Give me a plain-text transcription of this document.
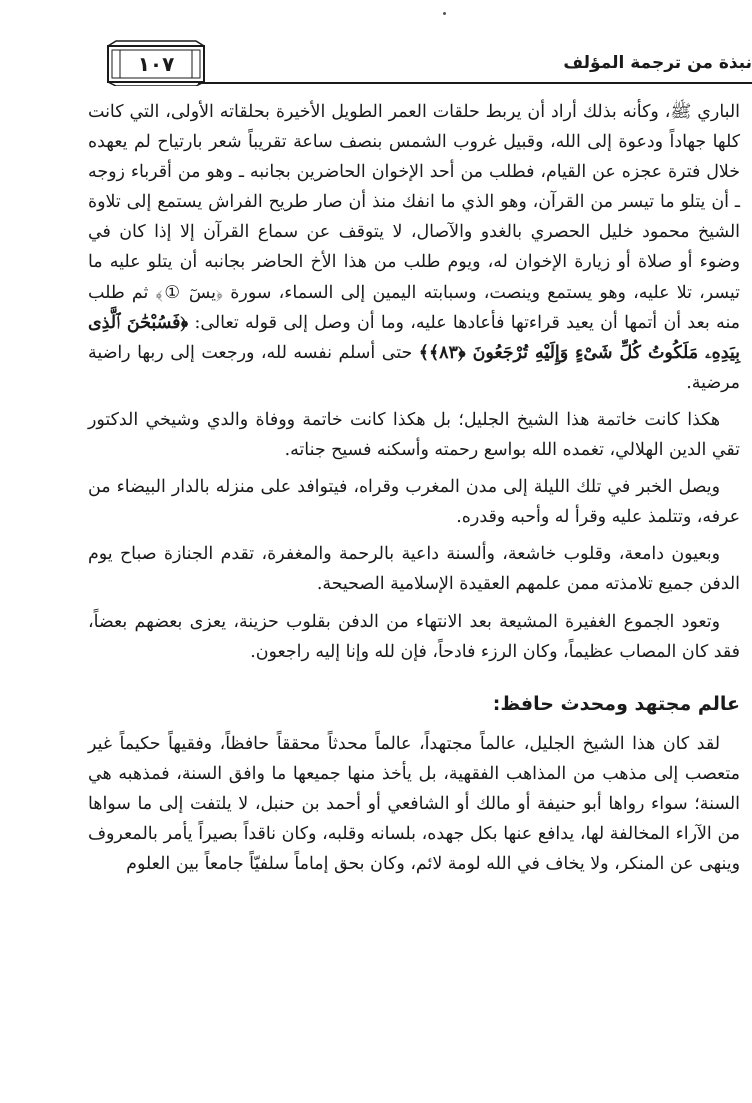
١٠٧	نبذة من ترجمة المؤلف

الباري ﷺ، وكأنه بذلك أراد أن يربط حلقات العمر الطويل الأخيرة بحلقاته الأولى، التي كانت كلها جهاداً ودعوة إلى الله، وقبيل غروب الشمس بنصف ساعة تقريباً شعر بارتياح لم يعهده خلال فترة عجزه عن القيام، فطلب من أحد الإخوان الحاضرين بجانبه ـ وهو من أقرباء زوجه ـ أن يتلو ما تيسر من القرآن، وهو الذي ما انفك منذ أن صار طريح الفراش يستمع إلى تلاوة الشيخ محمود خليل الحصري بالغدو والآصال، لا يتوقف عن سماع القرآن إلا إذا كان في وضوء أو صلاة أو زيارة الإخوان له، ويوم طلب من هذا الأخ الحاضر بجانبه أن يتلو عليه ما تيسر، تلا عليه، وهو يستمع وينصت، وسبابته اليمين إلى السماء، سورة ﴿يسٓ ①﴾ ثم طلب منه بعد أن أتمها أن يعيد قراءتها فأعادها عليه، وما أن وصل إلى قوله تعالى: ﴿فَسُبْحَٰنَ ٱلَّذِى بِيَدِهِۦ مَلَكُوتُ كُلِّ شَىْءٍ وَإِلَيْهِ تُرْجَعُونَ ﴿٨٣﴾﴾ حتى أسلم نفسه لله، ورجعت إلى ربها راضية مرضية.

هكذا كانت خاتمة هذا الشيخ الجليل؛ بل هكذا كانت خاتمة ووفاة والدي وشيخي الدكتور تقي الدين الهلالي، تغمده الله بواسع رحمته وأسكنه فسيح جناته.

ويصل الخبر في تلك الليلة إلى مدن المغرب وقراه، فيتوافد على منزله بالدار البيضاء من عرفه، وتتلمذ عليه وقرأ له وأحبه وقدره.

وبعيون دامعة، وقلوب خاشعة، وألسنة داعية بالرحمة والمغفرة، تقدم الجنازة صباح يوم الدفن جميع تلامذته ممن علمهم العقيدة الإسلامية الصحيحة.

وتعود الجموع الغفيرة المشيعة بعد الانتهاء من الدفن بقلوب حزينة، يعزى بعضهم بعضاً، فقد كان المصاب عظيماً، وكان الرزء فادحاً، فإن لله وإنا إليه راجعون.

عالم مجتهد ومحدث حافظ:

لقد كان هذا الشيخ الجليل، عالماً مجتهداً، عالماً محدثاً محققاً حافظاً، وفقيهاً حكيماً غير متعصب إلى مذهب من المذاهب الفقهية، بل يأخذ منها جميعها ما وافق السنة، فمذهبه هي السنة؛ سواء رواها أبو حنيفة أو مالك أو الشافعي أو أحمد بن حنبل، لا يلتفت إلى ما سواها من الآراء المخالفة لها، يدافع عنها بكل جهده، بلسانه وقلبه، وكان ناقداً بصيراً يأمر بالمعروف وينهى عن المنكر، ولا يخاف في الله لومة لائم، وكان بحق إماماً سلفيّاً جامعاً بين العلوم
